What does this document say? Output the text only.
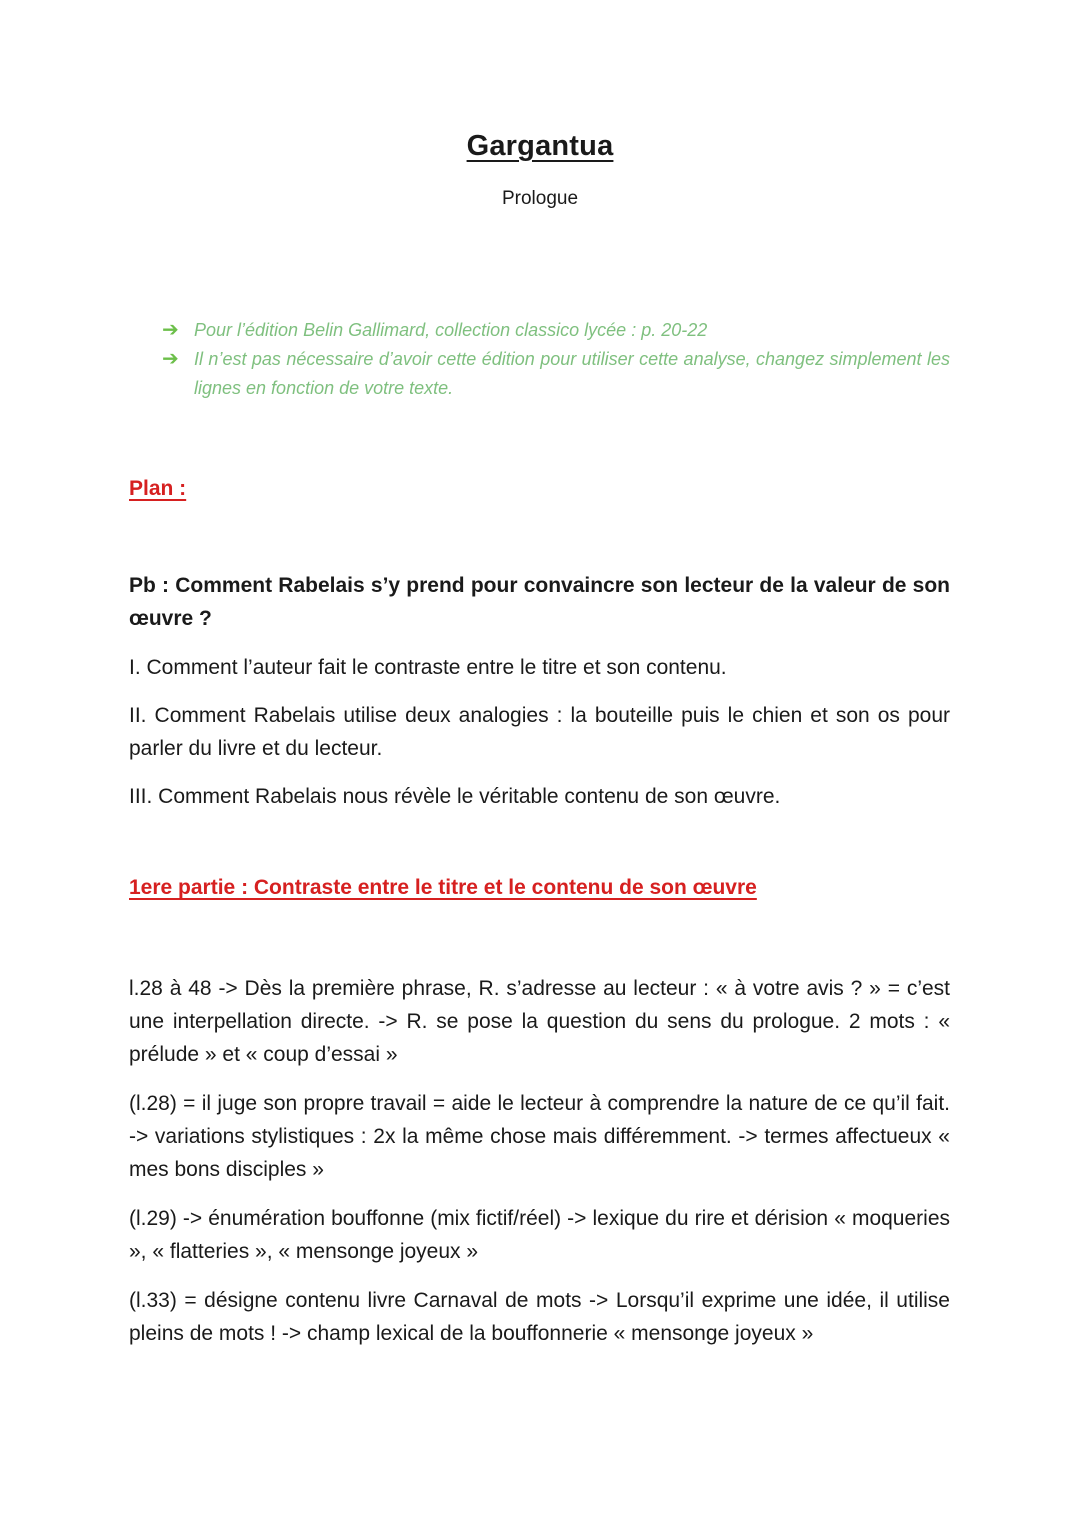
Gargantua
Prologue
➔ Pour l’édition Belin Gallimard, collection classico lycée : p. 20-22
➔ Il n’est pas nécessaire d’avoir cette édition pour utiliser cette analyse, changez simplement les lignes en fonction de votre texte.
Plan :
Pb : Comment Rabelais s’y prend pour convaincre son lecteur de la valeur de son œuvre ?
I. Comment l’auteur fait le contraste entre le titre et son contenu.
II. Comment Rabelais utilise deux analogies : la bouteille puis le chien et son os pour parler du livre et du lecteur.
III. Comment Rabelais nous révèle le véritable contenu de son œuvre.
1ere partie : Contraste entre le titre et le contenu de son œuvre
l.28 à 48 -> Dès la première phrase, R. s’adresse au lecteur : « à votre avis ? » = c’est une interpellation directe. -> R. se pose la question du sens du prologue. 2 mots : « prélude » et « coup d’essai »
(l.28) = il juge son propre travail = aide le lecteur à comprendre la nature de ce qu’il fait. -> variations stylistiques : 2x la même chose mais différemment. -> termes affectueux « mes bons disciples »
(l.29) -> énumération bouffonne (mix fictif/réel) -> lexique du rire et dérision « moqueries », « flatteries », « mensonge joyeux »
(l.33) = désigne contenu livre Carnaval de mots -> Lorsqu’il exprime une idée, il utilise pleins de mots ! -> champ lexical de la bouffonnerie « mensonge joyeux »
